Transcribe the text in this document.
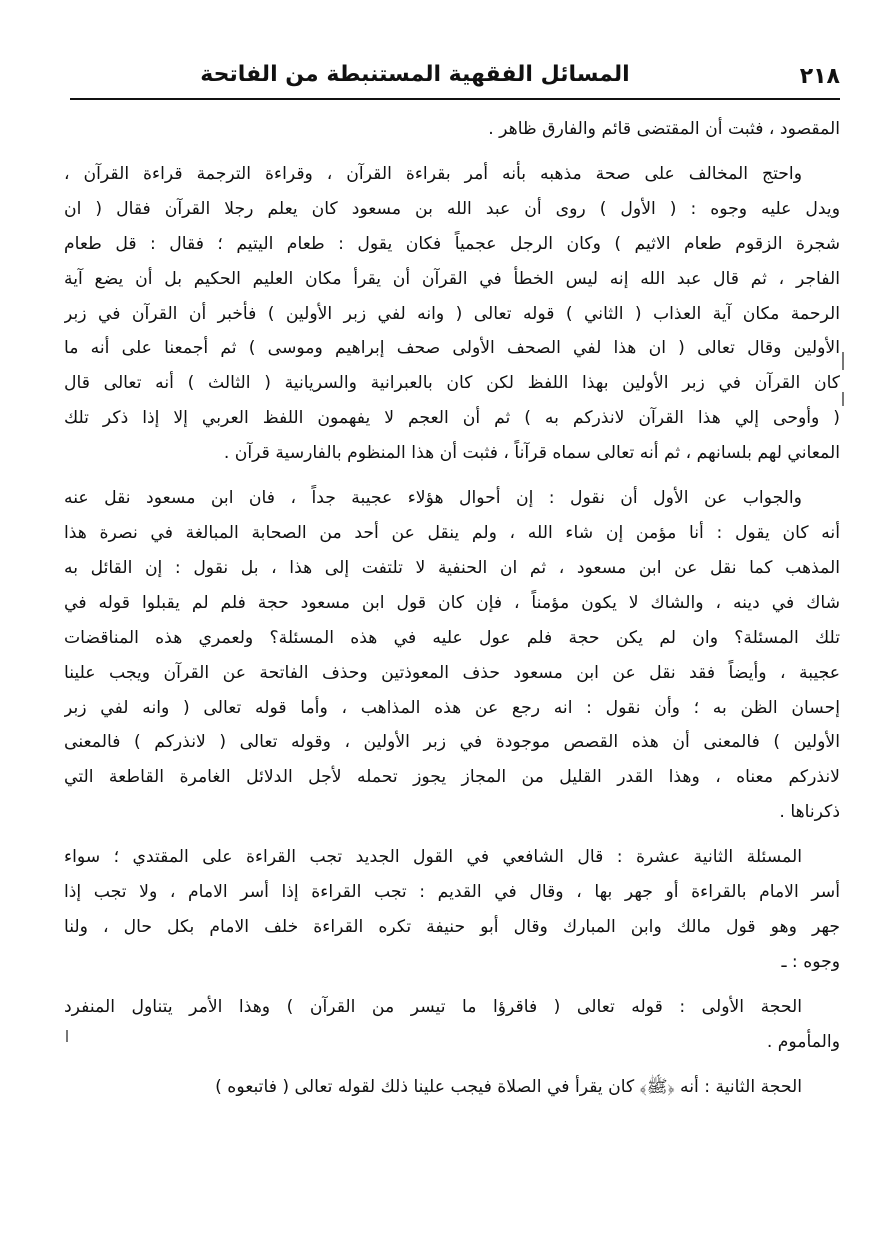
٢١٨
المسائل الفقهية المستنبطة من الفاتحة

المقصود ، فثبت أن المقتضى قائم والفارق ظاهر .

واحتج المخالف على صحة مذهبه بأنه أمر بقراءة القرآن ، وقراءة الترجمة قراءة القرآن ،
ويدل عليه وجوه : ( الأول ) روى أن عبد الله بن مسعود كان يعلم رجلا القرآن فقال ( ان
شجرة الزقوم طعام الاثيم ) وكان الرجل عجمياً فكان يقول : طعام اليتيم ؛ فقال : قل طعام
الفاجر ، ثم قال عبد الله إنه ليس الخطأ في القرآن أن يقرأ مكان العليم الحكيم بل أن يضع آية
الرحمة مكان آية العذاب ( الثاني ) قوله تعالى ( وانه لفي زبر الأولين ) فأخبر أن القرآن في زبر
الأولين وقال تعالى ( ان هذا لفي الصحف الأولى صحف إبراهيم وموسى ) ثم أجمعنا على أنه ما
كان القرآن في زبر الأولين بهذا اللفظ لكن كان بالعبرانية والسريانية ( الثالث ) أنه تعالى قال
( وأوحى إلي هذا القرآن لانذركم به ) ثم أن العجم لا يفهمون اللفظ العربي إلا إذا ذكر تلك
المعاني لهم بلسانهم ، ثم أنه تعالى سماه قرآناً ، فثبت أن هذا المنظوم بالفارسية قرآن .

والجواب عن الأول أن نقول : إن أحوال هؤلاء عجيبة جداً ، فان ابن مسعود نقل عنه
أنه كان يقول : أنا مؤمن إن شاء الله ، ولم ينقل عن أحد من الصحابة المبالغة في نصرة هذا
المذهب كما نقل عن ابن مسعود ، ثم ان الحنفية لا تلتفت إلى هذا ، بل نقول : إن القائل به
شاك في دينه ، والشاك لا يكون مؤمناً ، فإن كان قول ابن مسعود حجة فلم لم يقبلوا قوله في
تلك المسئلة؟ وان لم يكن حجة فلم عول عليه في هذه المسئلة؟ ولعمري هذه المناقضات
عجيبة ، وأيضاً فقد نقل عن ابن مسعود حذف المعوذتين وحذف الفاتحة عن القرآن ويجب علينا
إحسان الظن به ؛ وأن نقول : انه رجع عن هذه المذاهب ، وأما قوله تعالى ( وانه لفي زبر
الأولين ) فالمعنى أن هذه القصص موجودة في زبر الأولين ، وقوله تعالى ( لانذركم ) فالمعنى
لانذركم معناه ، وهذا القدر القليل من المجاز يجوز تحمله لأجل الدلائل الغامرة القاطعة التي
ذكرناها .

المسئلة الثانية عشرة : قال الشافعي في القول الجديد تجب القراءة على المقتدي ؛ سواء
أسر الامام بالقراءة أو جهر بها ، وقال في القديم : تجب القراءة إذا أسر الامام ، ولا تجب إذا
جهر وهو قول مالك وابن المبارك وقال أبو حنيفة تكره القراءة خلف الامام بكل حال ، ولنا
وجوه : ـ

الحجة الأولى : قوله تعالى ( فاقرؤا ما تيسر من القرآن ) وهذا الأمر يتناول المنفرد
والمأموم .

الحجة الثانية : أنه ﴿ﷺ﴾ كان يقرأ في الصلاة فيجب علينا ذلك لقوله تعالى ( فاتبعوه )
